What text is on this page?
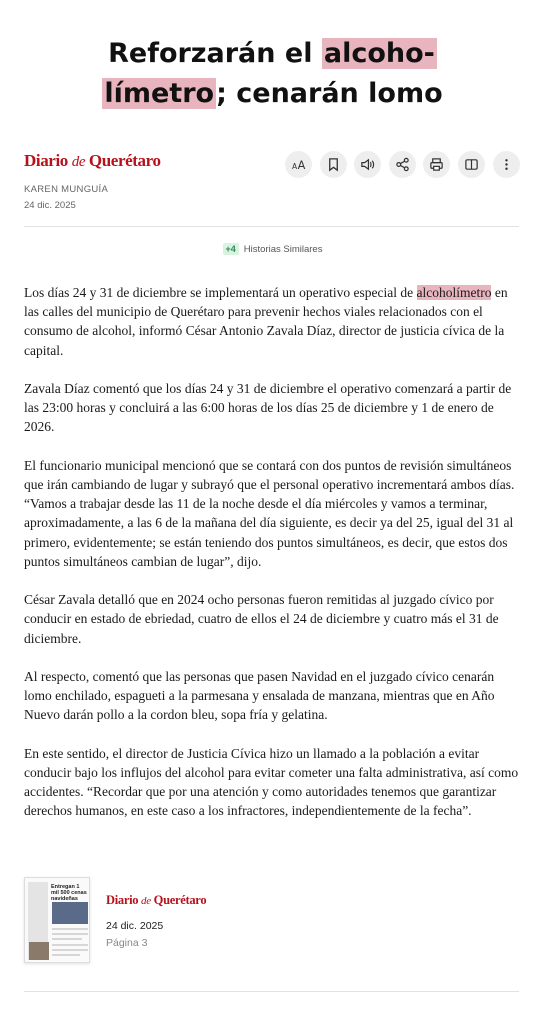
Reforzarán el alcoho-
límetro; cenarán lomo
Diario de Querétaro	A A
KAREN MUNGUÍA
24 dic. 2025
+4 Historias Similares

Los días 24 y 31 de diciembre se implementará un operativo especial de alcoholímetro en las calles del municipio de Querétaro para prevenir hechos viales relacionados con el consumo de alcohol, informó César Antonio Zavala Díaz, director de justicia cívica de la capital.

Zavala Díaz comentó que los días 24 y 31 de diciembre el operativo comenzará a partir de las 23:00 horas y concluirá a las 6:00 horas de los días 25 de diciembre y 1 de enero de 2026.

El funcionario municipal mencionó que se contará con dos puntos de revisión simultáneos que irán cambiando de lugar y subrayó que el personal operativo incrementará ambos días. “Vamos a trabajar desde las 11 de la noche desde el día miércoles y vamos a terminar, aproximadamente, a las 6 de la mañana del día siguiente, es decir ya del 25, igual del 31 al primero, evidentemente; se están teniendo dos puntos simultáneos, es decir, que estos dos puntos simultáneos cambian de lugar”, dijo.

César Zavala detalló que en 2024 ocho personas fueron remitidas al juzgado cívico por conducir en estado de ebriedad, cuatro de ellos el 24 de diciembre y cuatro más el 31 de diciembre.

Al respecto, comentó que las personas que pasen Navidad en el juzgado cívico cenarán lomo enchilado, espagueti a la parmesana y ensalada de manzana, mientras que en Año Nuevo darán pollo a la cordon bleu, sopa fría y gelatina.

En este sentido, el director de Justicia Cívica hizo un llamado a la población a evitar conducir bajo los influjos del alcohol para evitar cometer una falta administrativa, así como accidentes. “Recordar que por una atención y como autoridades tenemos que garantizar derechos humanos, en este caso a los infractores, independientemente de la fecha”.

Entregan 1 mil 500 cenas navideñas	Diario de Querétaro
24 dic. 2025
Página 3
